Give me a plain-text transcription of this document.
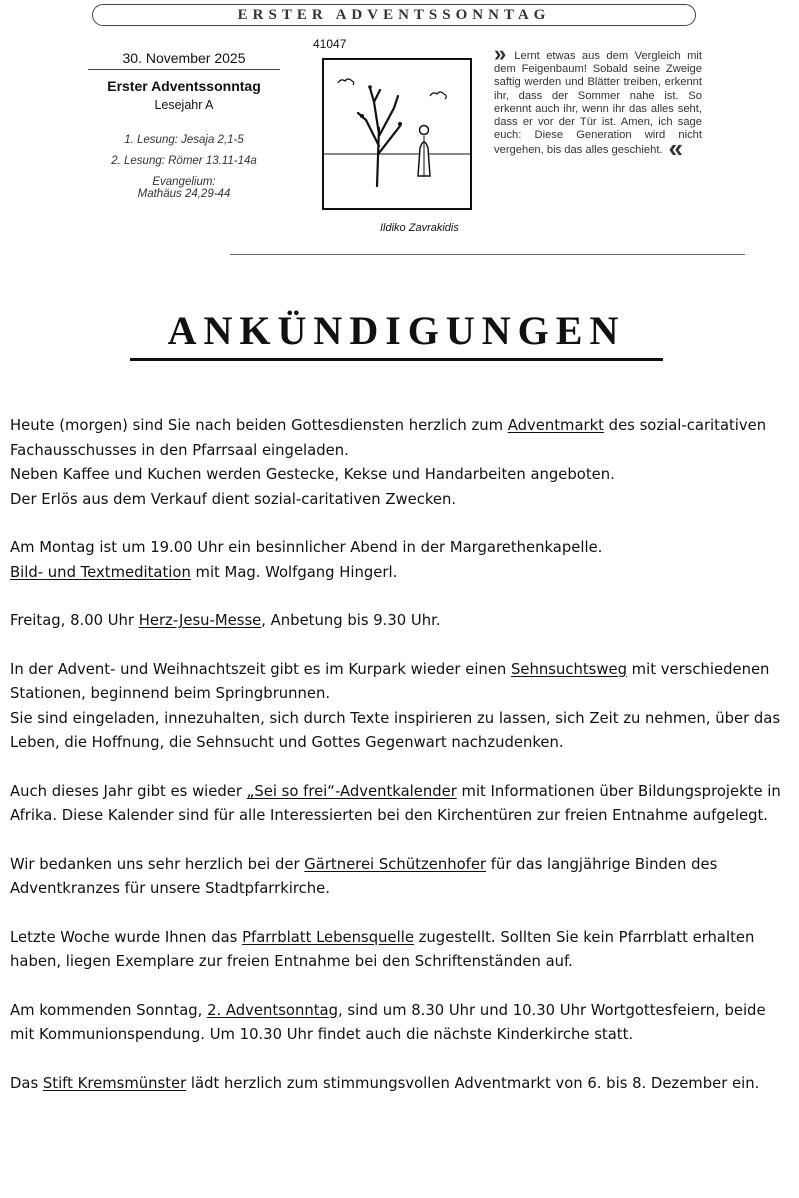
ERSTER ADVENTSSONNTAG
41047
30. November 2025
Erster Adventssonntag
Lesejahr A
1. Lesung: Jesaja 2,1-5
2. Lesung: Römer 13.11-14a
Evangelium:
Mathäus 24,29-44
Ildiko Zavrakidis
» Lernt etwas aus dem Vergleich mit dem Feigenbaum! Sobald seine Zweige saftig werden und Blätter treiben, erkennt ihr, dass der Sommer nahe ist. So erkennt auch ihr, wenn ihr das alles seht, dass er vor der Tür ist. Amen, ich sage euch: Diese Generation wird nicht vergehen, bis das alles geschieht. «
ANKÜNDIGUNGEN

Heute (morgen) sind Sie nach beiden Gottesdiensten herzlich zum Adventmarkt des sozial-caritativen Fachausschusses in den Pfarrsaal eingeladen.
Neben Kaffee und Kuchen werden Gestecke, Kekse und Handarbeiten angeboten.
Der Erlös aus dem Verkauf dient sozial-caritativen Zwecken.

Am Montag ist um 19.00 Uhr ein besinnlicher Abend in der Margarethenkapelle.
Bild- und Textmeditation mit Mag. Wolfgang Hingerl.

Freitag, 8.00 Uhr Herz-Jesu-Messe, Anbetung bis 9.30 Uhr.

In der Advent- und Weihnachtszeit gibt es im Kurpark wieder einen Sehnsuchtsweg mit verschiedenen Stationen, beginnend beim Springbrunnen.
Sie sind eingeladen, innezuhalten, sich durch Texte inspirieren zu lassen, sich Zeit zu nehmen, über das Leben, die Hoffnung, die Sehnsucht und Gottes Gegenwart nachzudenken.

Auch dieses Jahr gibt es wieder „Sei so frei“-Adventkalender mit Informationen über Bildungsprojekte in Afrika. Diese Kalender sind für alle Interessierten bei den Kirchentüren zur freien Entnahme aufgelegt.

Wir bedanken uns sehr herzlich bei der Gärtnerei Schützenhofer für das langjährige Binden des Adventkranzes für unsere Stadtpfarrkirche.

Letzte Woche wurde Ihnen das Pfarrblatt Lebensquelle zugestellt. Sollten Sie kein Pfarrblatt erhalten haben, liegen Exemplare zur freien Entnahme bei den Schriftenständen auf.

Am kommenden Sonntag, 2. Adventsonntag, sind um 8.30 Uhr und 10.30 Uhr Wortgottesfeiern, beide mit Kommunionspendung. Um 10.30 Uhr findet auch die nächste Kinderkirche statt.

Das Stift Kremsmünster lädt herzlich zum stimmungsvollen Adventmarkt von 6. bis 8. Dezember ein.
